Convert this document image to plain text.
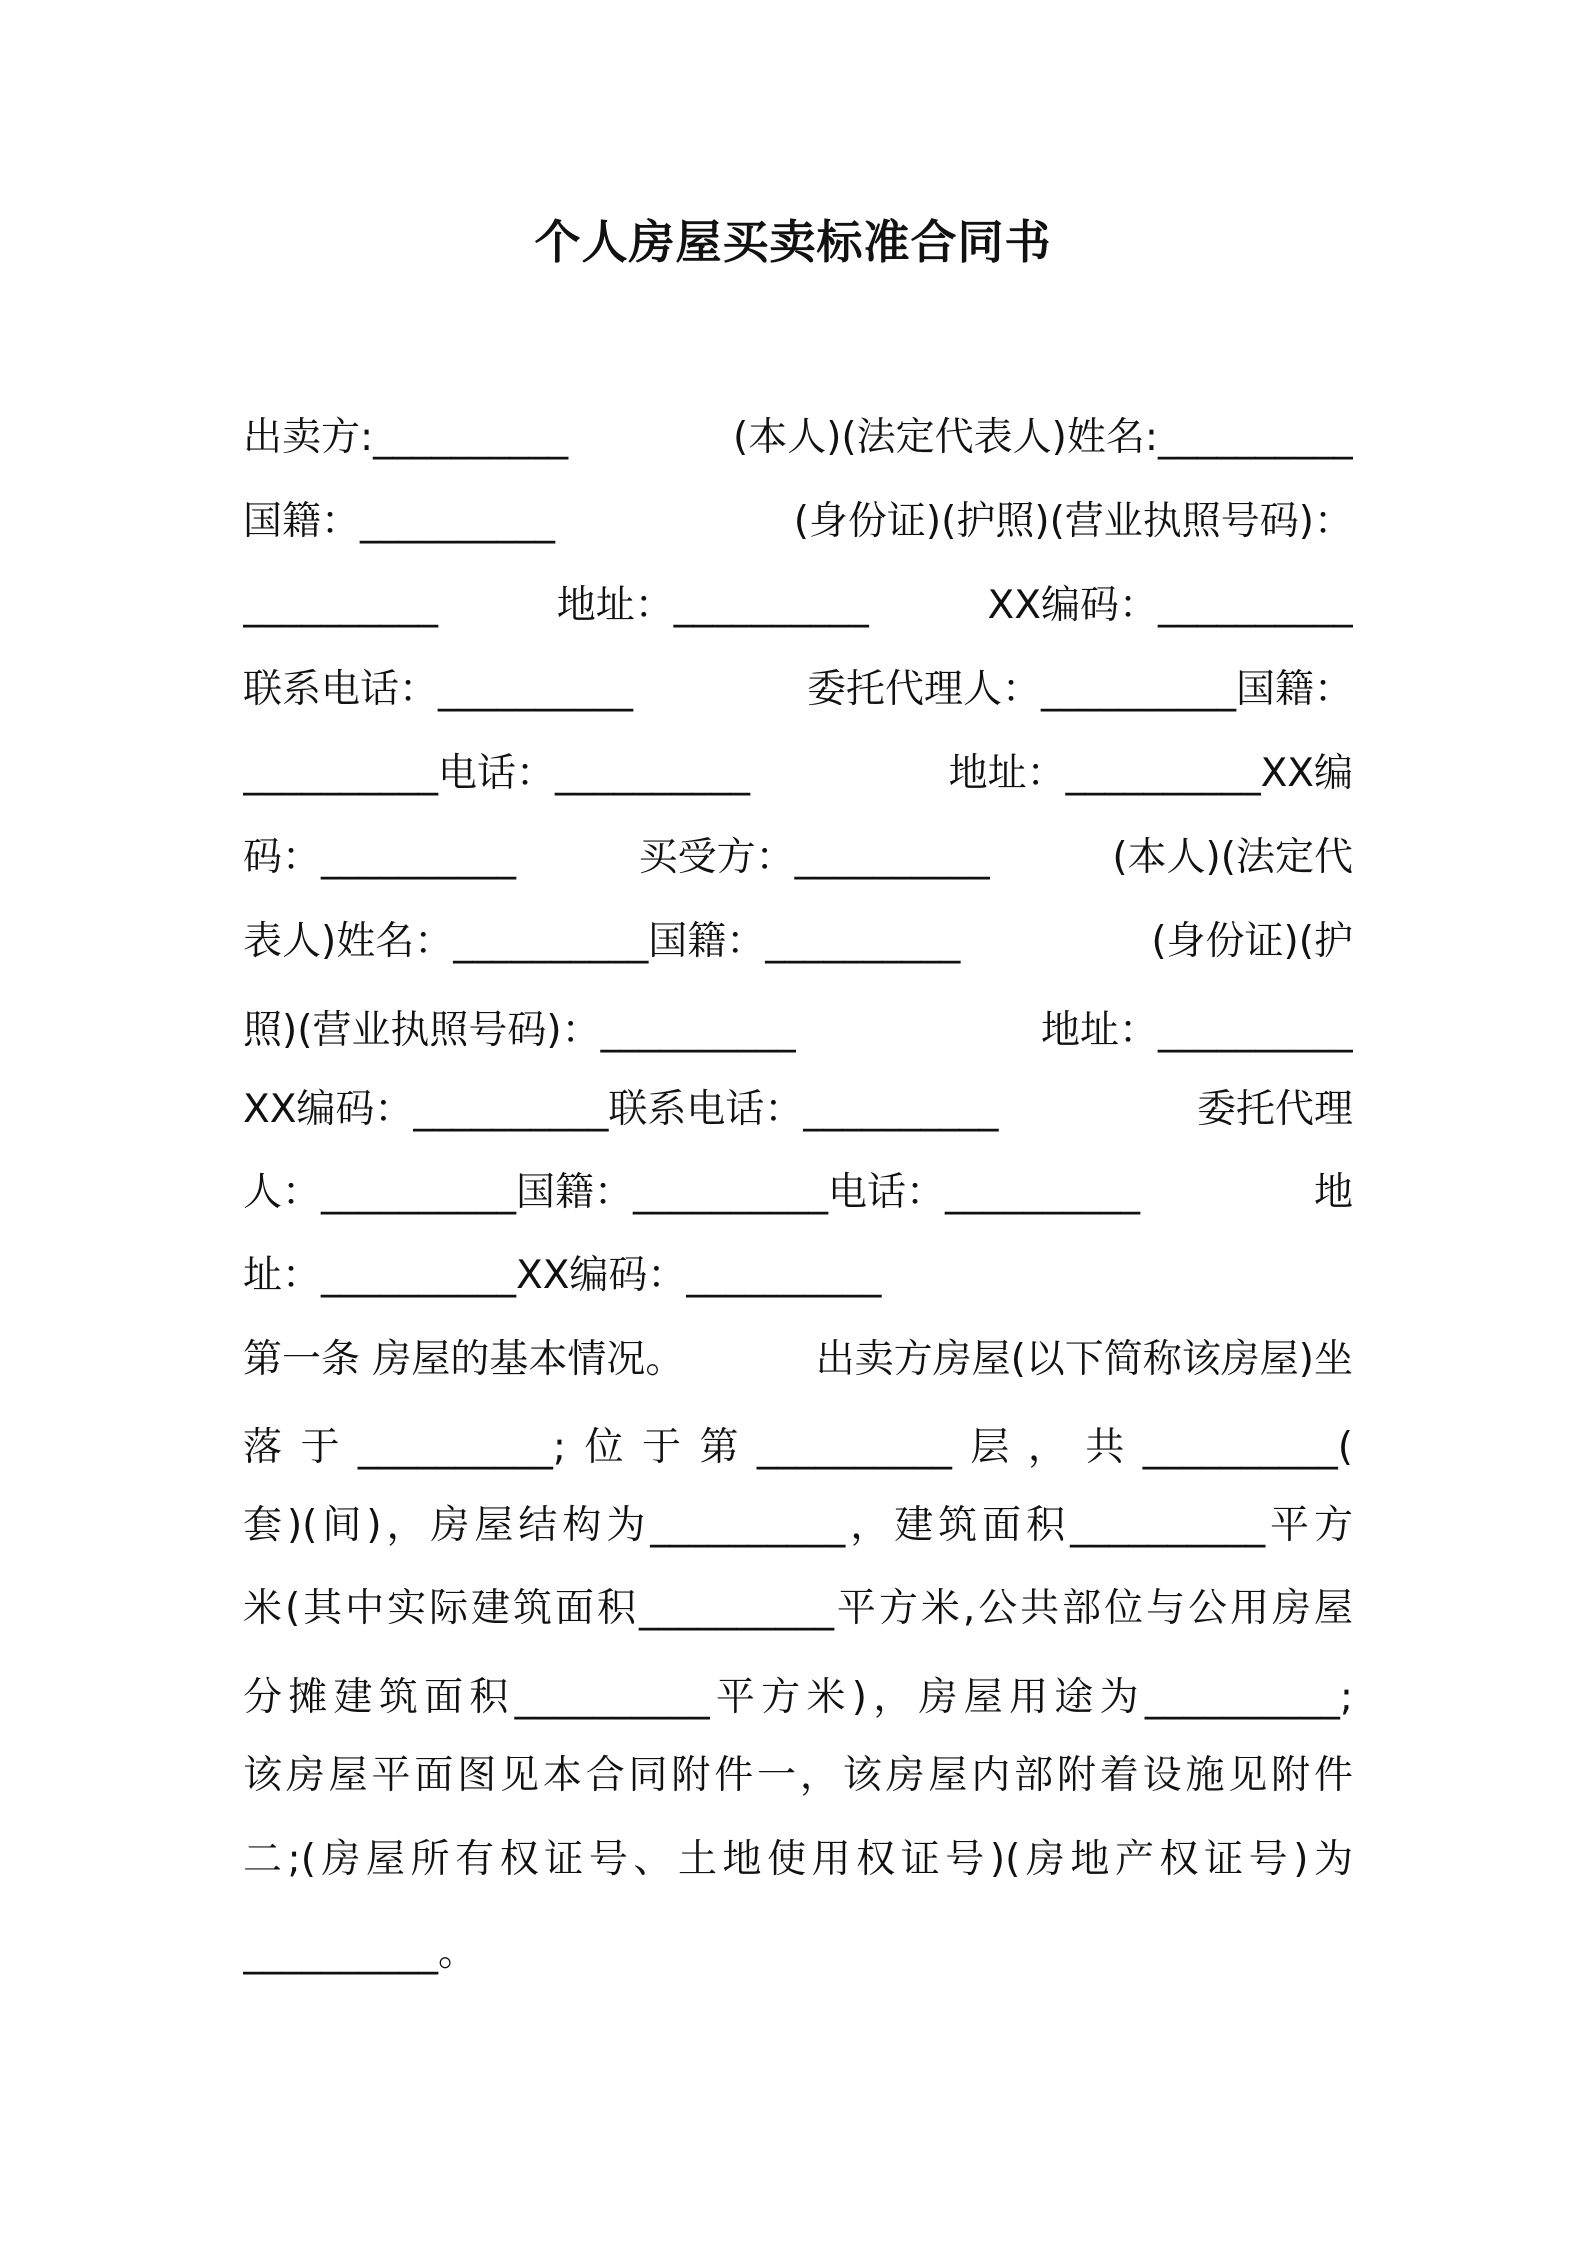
个人房屋买卖标准合同书
出卖方:__________	(本人)(法定代表人)姓名:__________
国籍：__________	(身份证)(护照)(营业执照号码)：
__________	地址：__________	XX编码：__________
联系电话：__________	委托代理人：__________国籍：
__________电话：__________	地址：__________XX编
码：__________	买受方：__________	(本人)(法定代
表人)姓名：__________国籍：__________	(身份证)(护
照)(营业执照号码)：__________	地址：__________
XX编码：__________联系电话：__________	委托代理
人：__________国籍：__________电话：__________	地
址：__________XX编码：__________
第一条 房屋的基本情况。	出卖方房屋(以下简称该房屋)坐
落于__________;位于第__________层，共__________(
套)(间)，房屋结构为__________，建筑面积__________平方
米(其中实际建筑面积__________平方米,公共部位与公用房屋
分摊建筑面积__________平方米)，房屋用途为__________;
该房屋平面图见本合同附件一，该房屋内部附着设施见附件
二;(房屋所有权证号、土地使用权证号)(房地产权证号)为
__________。
